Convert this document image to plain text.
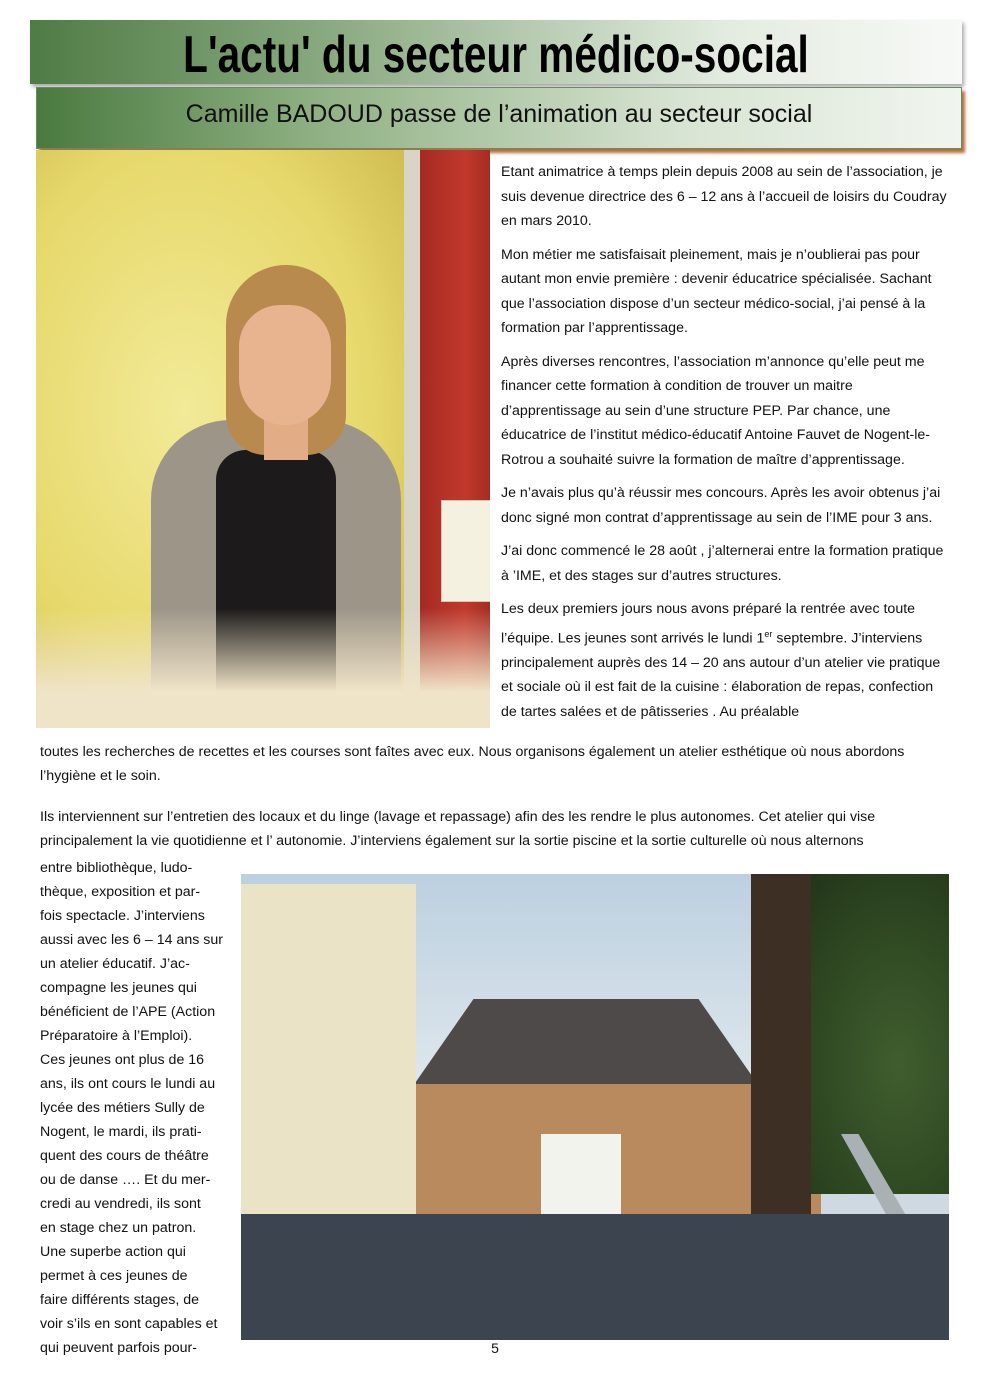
L'actu' du secteur médico-social
Camille BADOUD passe de l’animation au secteur social

Etant animatrice à temps plein depuis 2008 au sein de l’association, je suis devenue directrice des 6 – 12 ans à l’accueil de loisirs du Coudray en mars 2010.

Mon métier me satisfaisait pleinement, mais je n’oublierai pas pour autant mon envie première : devenir éducatrice spécialisée. Sachant que l’association dispose d’un secteur médico-social, j’ai pensé à la formation par l’apprentissage.

Après diverses rencontres, l’association m’annonce qu’elle peut me financer cette formation à condition de trouver un maitre d’apprentissage au sein d’une structure PEP. Par chance, une éducatrice de l’institut médico-éducatif Antoine Fauvet de Nogent-le-Rotrou a souhaité suivre la formation de maître d’apprentissage.

Je n’avais plus qu’à réussir mes concours. Après les avoir obtenus j’ai donc signé mon contrat d’apprentissage au sein de l’IME pour 3 ans.

J’ai donc commencé le 28 août , j’alternerai entre la formation pratique à ’IME, et des stages sur d’autres structures.

Les deux premiers jours nous avons préparé la rentrée avec toute l’équipe. Les jeunes sont arrivés le lundi 1er septembre. J’interviens principalement auprès des 14 – 20 ans autour d’un atelier vie pratique et sociale où il est fait de la cuisine : élaboration de repas, confection de tartes salées et de pâtisseries . Au préalable

toutes les recherches de recettes et les courses sont faîtes avec eux. Nous organisons également un atelier esthétique où nous abordons l’hygiène et le soin.

Ils interviennent sur l’entretien des locaux et du linge (lavage et repassage) afin des les rendre le plus autonomes. Cet atelier qui vise principalement la vie quotidienne et l’ autonomie. J’interviens également sur la sortie piscine et la sortie culturelle où nous alternons

entre bibliothèque, ludo-
thèque, exposition et par-
fois spectacle. J’interviens
aussi avec les 6 – 14 ans sur
un atelier éducatif. J’ac-
compagne les jeunes qui
bénéficient de l’APE (Action
Préparatoire à l’Emploi).
Ces jeunes ont plus de 16
ans, ils ont cours le lundi au
lycée des métiers Sully de
Nogent, le mardi, ils prati-
quent des cours de théâtre
ou de danse …. Et du mer-
credi au vendredi, ils sont
en stage chez un patron.
Une superbe action qui
permet à ces jeunes de
faire différents stages, de
voir s’ils en sont capables et
qui peuvent parfois pour-	5
